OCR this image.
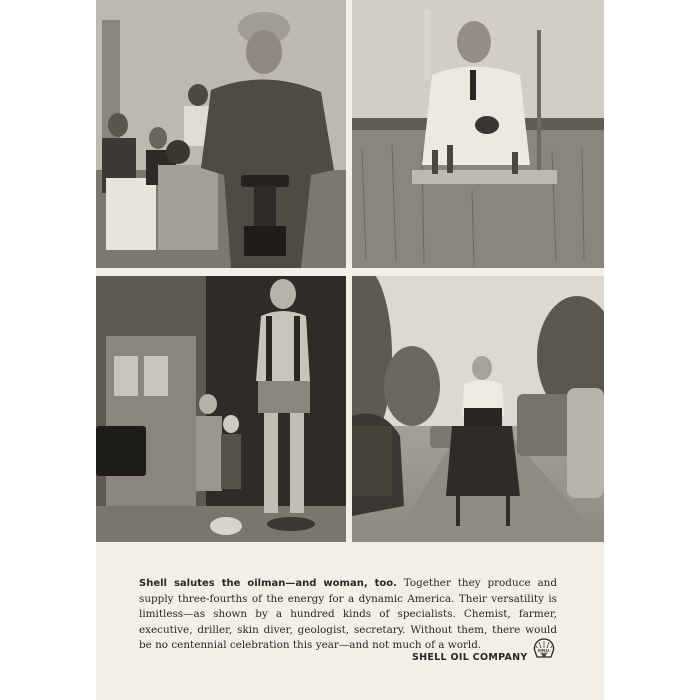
Shell salutes the oilman—and woman, too. Together they produce and supply three-fourths of the energy for a dynamic America. Their versatility is limitless—as shown by a hundred kinds of specialists. Chemist, farmer, executive, driller, skin diver, geologist, secretary. Without them, there would be no centennial celebration this year—and not much of a world.

SHELL OIL COMPANY
SHELL
